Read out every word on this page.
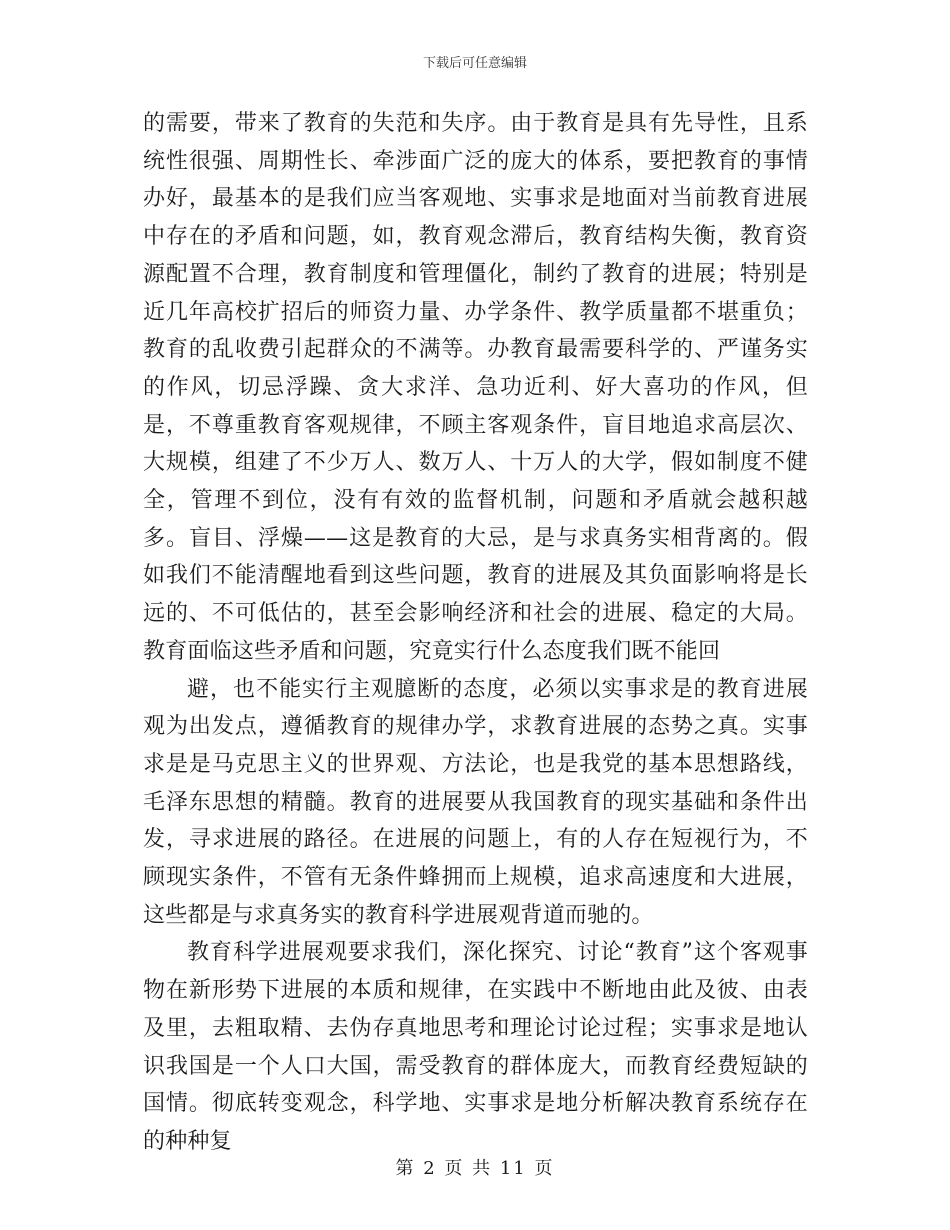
下载后可任意编辑

的需要，带来了教育的失范和失序。由于教育是具有先导性，且系统性很强、周期性长、牵涉面广泛的庞大的体系，要把教育的事情办好，最基本的是我们应当客观地、实事求是地面对当前教育进展中存在的矛盾和问题，如，教育观念滞后，教育结构失衡，教育资源配置不合理，教育制度和管理僵化，制约了教育的进展；特别是近几年高校扩招后的师资力量、办学条件、教学质量都不堪重负；教育的乱收费引起群众的不满等。办教育最需要科学的、严谨务实的作风，切忌浮躁、贪大求洋、急功近利、好大喜功的作风，但是，不尊重教育客观规律，不顾主客观条件，盲目地追求高层次、大规模，组建了不少万人、数万人、十万人的大学，假如制度不健全，管理不到位，没有有效的监督机制，问题和矛盾就会越积越多。盲目、浮燥——这是教育的大忌，是与求真务实相背离的。假如我们不能清醒地看到这些问题，教育的进展及其负面影响将是长远的、不可低估的，甚至会影响经济和社会的进展、稳定的大局。教育面临这些矛盾和问题，究竟实行什么态度我们既不能回

避，也不能实行主观臆断的态度，必须以实事求是的教育进展观为出发点，遵循教育的规律办学，求教育进展的态势之真。实事求是是马克思主义的世界观、方法论，也是我党的基本思想路线，毛泽东思想的精髓。教育的进展要从我国教育的现实基础和条件出发，寻求进展的路径。在进展的问题上，有的人存在短视行为，不顾现实条件，不管有无条件蜂拥而上规模，追求高速度和大进展，这些都是与求真务实的教育科学进展观背道而驰的。

教育科学进展观要求我们，深化探究、讨论“教育”这个客观事物在新形势下进展的本质和规律，在实践中不断地由此及彼、由表及里，去粗取精、去伪存真地思考和理论讨论过程；实事求是地认识我国是一个人口大国，需受教育的群体庞大，而教育经费短缺的国情。彻底转变观念，科学地、实事求是地分析解决教育系统存在的种种复

第 2 页 共 11 页
